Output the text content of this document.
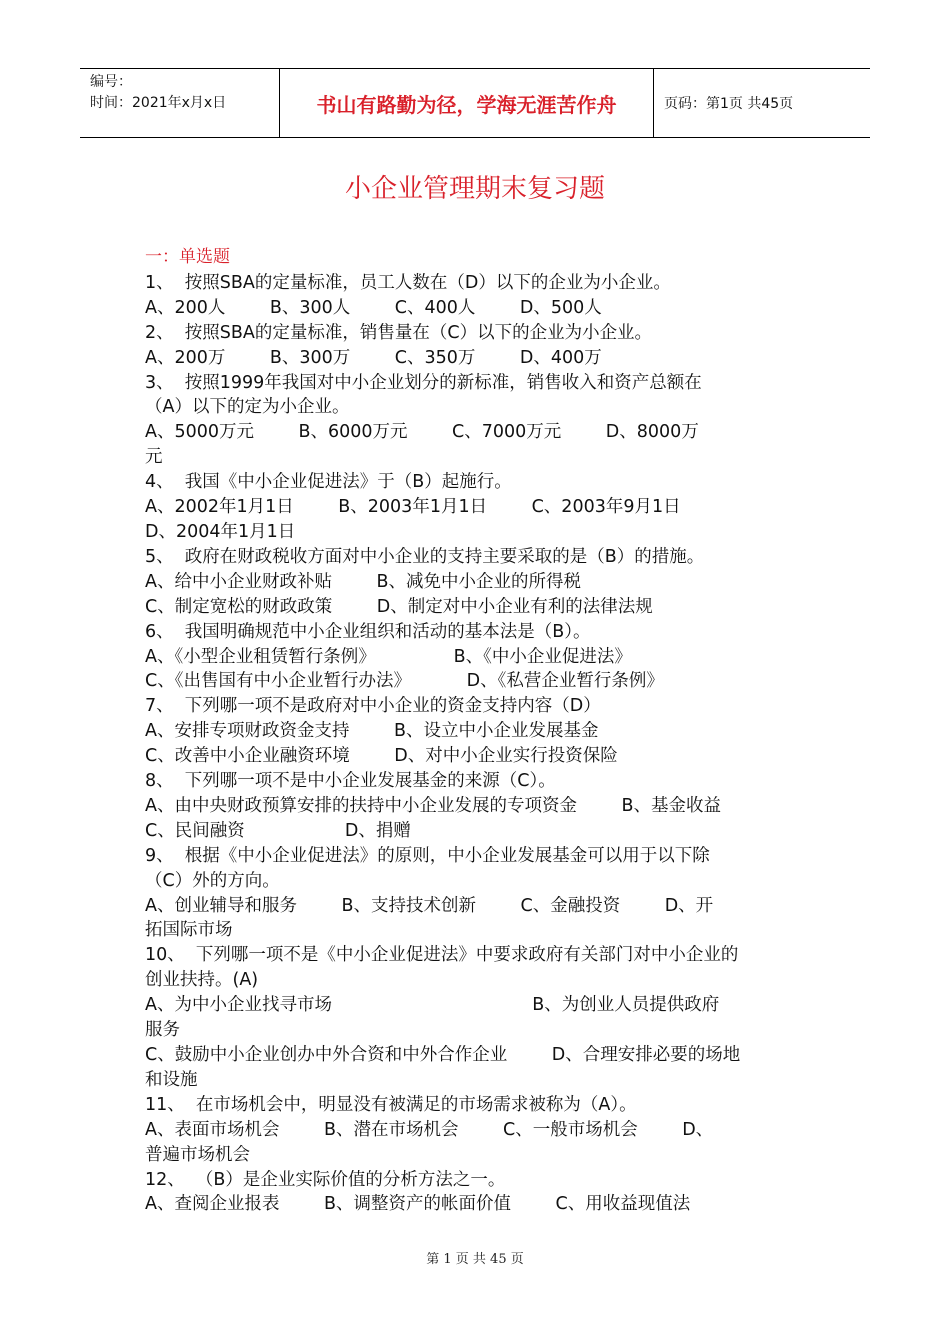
编号：
时间：2021年x月x日	书山有路勤为径，学海无涯苦作舟	页码：第1页 共45页
小企业管理期末复习题
一：单选题
1、  按照SBA的定量标准，员工人数在（D）以下的企业为小企业。
A、200人        B、300人        C、400人        D、500人
2、  按照SBA的定量标准，销售量在（C）以下的企业为小企业。
A、200万        B、300万        C、350万        D、400万
3、  按照1999年我国对中小企业划分的新标准，销售收入和资产总额在
（A）以下的定为小企业。
A、5000万元        B、6000万元        C、7000万元        D、8000万
元
4、  我国《中小企业促进法》于（B）起施行。
A、2002年1月1日        B、2003年1月1日        C、2003年9月1日
D、2004年1月1日
5、  政府在财政税收方面对中小企业的支持主要采取的是（B）的措施。
A、给中小企业财政补贴        B、减免中小企业的所得税
C、制定宽松的财政政策        D、制定对中小企业有利的法律法规
6、  我国明确规范中小企业组织和活动的基本法是（B）。
A、《小型企业租赁暂行条例》              B、《中小企业促进法》
C、《出售国有中小企业暂行办法》          D、《私营企业暂行条例》
7、  下列哪一项不是政府对中小企业的资金支持内容（D）
A、安排专项财政资金支持        B、设立中小企业发展基金
C、改善中小企业融资环境        D、对中小企业实行投资保险
8、  下列哪一项不是中小企业发展基金的来源（C）。
A、由中央财政预算安排的扶持中小企业发展的专项资金        B、基金收益
C、民间融资                  D、捐赠
9、  根据《中小企业促进法》的原则，中小企业发展基金可以用于以下除
（C）外的方向。
A、创业辅导和服务        B、支持技术创新        C、金融投资        D、开
拓国际市场
10、  下列哪一项不是《中小企业促进法》中要求政府有关部门对中小企业的
创业扶持。(A)
A、为中小企业找寻市场                                    B、为创业人员提供政府
服务
C、鼓励中小企业创办中外合资和中外合作企业        D、合理安排必要的场地
和设施
11、  在市场机会中，明显没有被满足的市场需求被称为（A）。
A、表面市场机会        B、潜在市场机会        C、一般市场机会        D、
普遍市场机会
12、  （B）是企业实际价值的分析方法之一。
A、查阅企业报表        B、调整资产的帐面价值        C、用收益现值法
第 1 页 共 45 页
